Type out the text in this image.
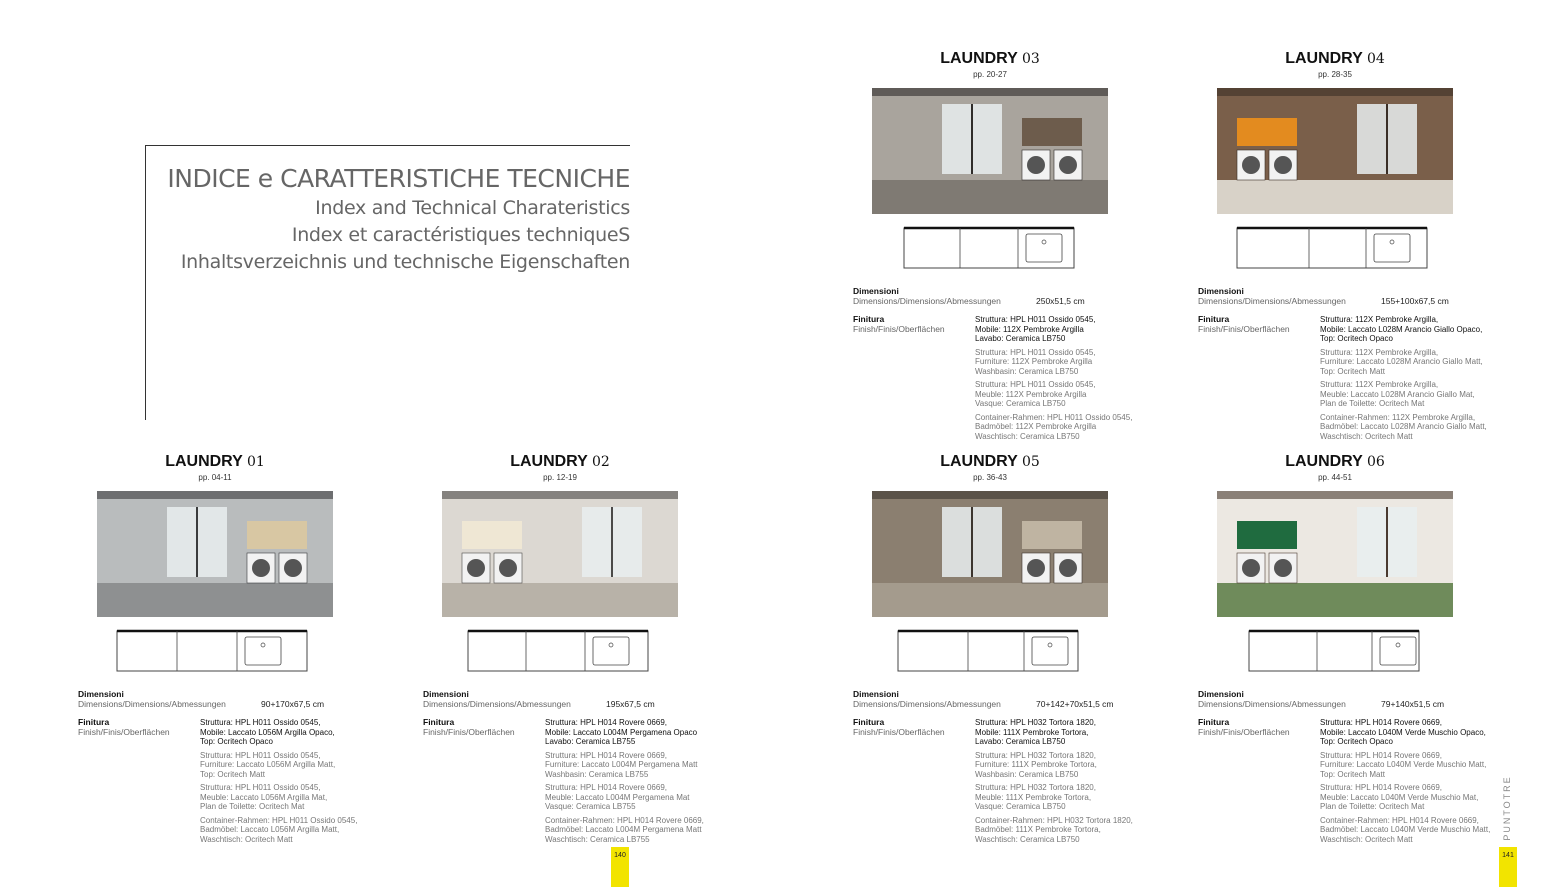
INDICE e CARATTERISTICHE TECNICHE
Index and Technical Charateristics
Index et caractéristiques techniqueS
Inhaltsverzeichnis und technische Eigenschaften
LAUNDRY 01
pp. 04-11
Dimensioni
Dimensions/Dimensions/Abmessungen	90+170x67,5 cm
Finitura
Finish/Finis/Oberflächen
Struttura: HPL H011 Ossido 0545,
Mobile: Laccato L056M Argilla Opaco,
Top: Ocritech Opaco
Struttura: HPL H011 Ossido 0545,
Furniture: Laccato L056M Argilla Matt,
Top: Ocritech Matt
Struttura: HPL H011 Ossido 0545,
Meuble: Laccato L056M Argilla Mat,
Plan de Toilette: Ocritech Mat
Container-Rahmen: HPL H011 Ossido 0545,
Badmöbel: Laccato L056M Argilla Matt,
Waschtisch: Ocritech Matt
LAUNDRY 02
pp. 12-19
Dimensioni
Dimensions/Dimensions/Abmessungen	195x67,5 cm
Finitura
Finish/Finis/Oberflächen
Struttura: HPL H014 Rovere 0669,
Mobile: Laccato L004M Pergamena Opaco
Lavabo: Ceramica LB755
Struttura: HPL H014 Rovere 0669,
Furniture: Laccato L004M Pergamena Matt
Washbasin: Ceramica LB755
Struttura: HPL H014 Rovere 0669,
Meuble: Laccato L004M Pergamena Mat
Vasque: Ceramica LB755
Container-Rahmen: HPL H014 Rovere 0669,
Badmöbel: Laccato L004M Pergamena Matt
Waschtisch: Ceramica LB755
LAUNDRY 03
pp. 20-27
Dimensioni
Dimensions/Dimensions/Abmessungen	250x51,5 cm
Finitura
Finish/Finis/Oberflächen
Struttura: HPL H011 Ossido 0545,
Mobile: 112X Pembroke Argilla
Lavabo: Ceramica LB750
Struttura: HPL H011 Ossido 0545,
Furniture: 112X Pembroke Argilla
Washbasin: Ceramica LB750
Struttura: HPL H011 Ossido 0545,
Meuble: 112X Pembroke Argilla
Vasque: Ceramica LB750
Container-Rahmen: HPL H011 Ossido 0545,
Badmöbel: 112X Pembroke Argilla
Waschtisch: Ceramica LB750
LAUNDRY 04
pp. 28-35
Dimensioni
Dimensions/Dimensions/Abmessungen	155+100x67,5 cm
Finitura
Finish/Finis/Oberflächen
Struttura: 112X Pembroke Argilla,
Mobile: Laccato L028M Arancio Giallo Opaco,
Top: Ocritech Opaco
Struttura: 112X Pembroke Argilla,
Furniture: Laccato L028M Arancio Giallo Matt,
Top: Ocritech Matt
Struttura: 112X Pembroke Argilla,
Meuble: Laccato L028M Arancio Giallo Mat,
Plan de Toilette: Ocritech Mat
Container-Rahmen: 112X Pembroke Argilla,
Badmöbel: Laccato L028M Arancio Giallo Matt,
Waschtisch: Ocritech Matt
LAUNDRY 05
pp. 36-43
Dimensioni
Dimensions/Dimensions/Abmessungen	70+142+70x51,5 cm
Finitura
Finish/Finis/Oberflächen
Struttura: HPL H032 Tortora 1820,
Mobile: 111X Pembroke Tortora,
Lavabo: Ceramica LB750
Struttura: HPL H032 Tortora 1820,
Furniture: 111X Pembroke Tortora,
Washbasin: Ceramica LB750
Struttura: HPL H032 Tortora 1820,
Meuble: 111X Pembroke Tortora,
Vasque: Ceramica LB750
Container-Rahmen: HPL H032 Tortora 1820,
Badmöbel: 111X Pembroke Tortora,
Waschtisch: Ceramica LB750
LAUNDRY 06
pp. 44-51
Dimensioni
Dimensions/Dimensions/Abmessungen	79+140x51,5 cm
Finitura
Finish/Finis/Oberflächen
Struttura: HPL H014 Rovere 0669,
Mobile: Laccato L040M Verde Muschio Opaco,
Top: Ocritech Opaco
Struttura: HPL H014 Rovere 0669,
Furniture: Laccato L040M Verde Muschio Matt,
Top: Ocritech Matt
Struttura: HPL H014 Rovere 0669,
Meuble: Laccato L040M Verde Muschio Mat,
Plan de Toilette: Ocritech Mat
Container-Rahmen: HPL H014 Rovere 0669,
Badmöbel: Laccato L040M Verde Muschio Matt,
Waschtisch: Ocritech Matt
140	141
PUNTOTRE
